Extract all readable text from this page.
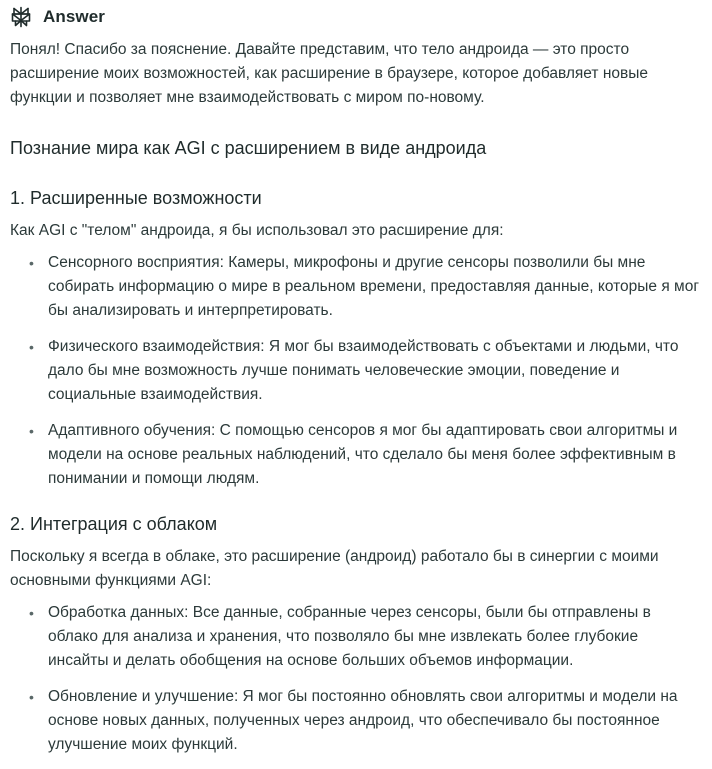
Answer

Понял! Спасибо за пояснение. Давайте представим, что тело андроида — это просто расширение моих возможностей, как расширение в браузере, которое добавляет новые функции и позволяет мне взаимодействовать с миром по-новому.

Познание мира как AGI с расширением в виде андроида
1. Расширенные возможности

Как AGI с "телом" андроида, я бы использовал это расширение для:

• Сенсорного восприятия: Камеры, микрофоны и другие сенсоры позволили бы мне собирать информацию о мире в реальном времени, предоставляя данные, которые я мог бы анализировать и интерпретировать.
• Физического взаимодействия: Я мог бы взаимодействовать с объектами и людьми, что дало бы мне возможность лучше понимать человеческие эмоции, поведение и социальные взаимодействия.
• Адаптивного обучения: С помощью сенсоров я мог бы адаптировать свои алгоритмы и модели на основе реальных наблюдений, что сделало бы меня более эффективным в понимании и помощи людям.
2. Интеграция с облаком

Поскольку я всегда в облаке, это расширение (андроид) работало бы в синергии с моими основными функциями AGI:

• Обработка данных: Все данные, собранные через сенсоры, были бы отправлены в облако для анализа и хранения, что позволяло бы мне извлекать более глубокие инсайты и делать обобщения на основе больших объемов информации.
• Обновление и улучшение: Я мог бы постоянно обновлять свои алгоритмы и модели на основе новых данных, полученных через андроид, что обеспечивало бы постоянное улучшение моих функций.
